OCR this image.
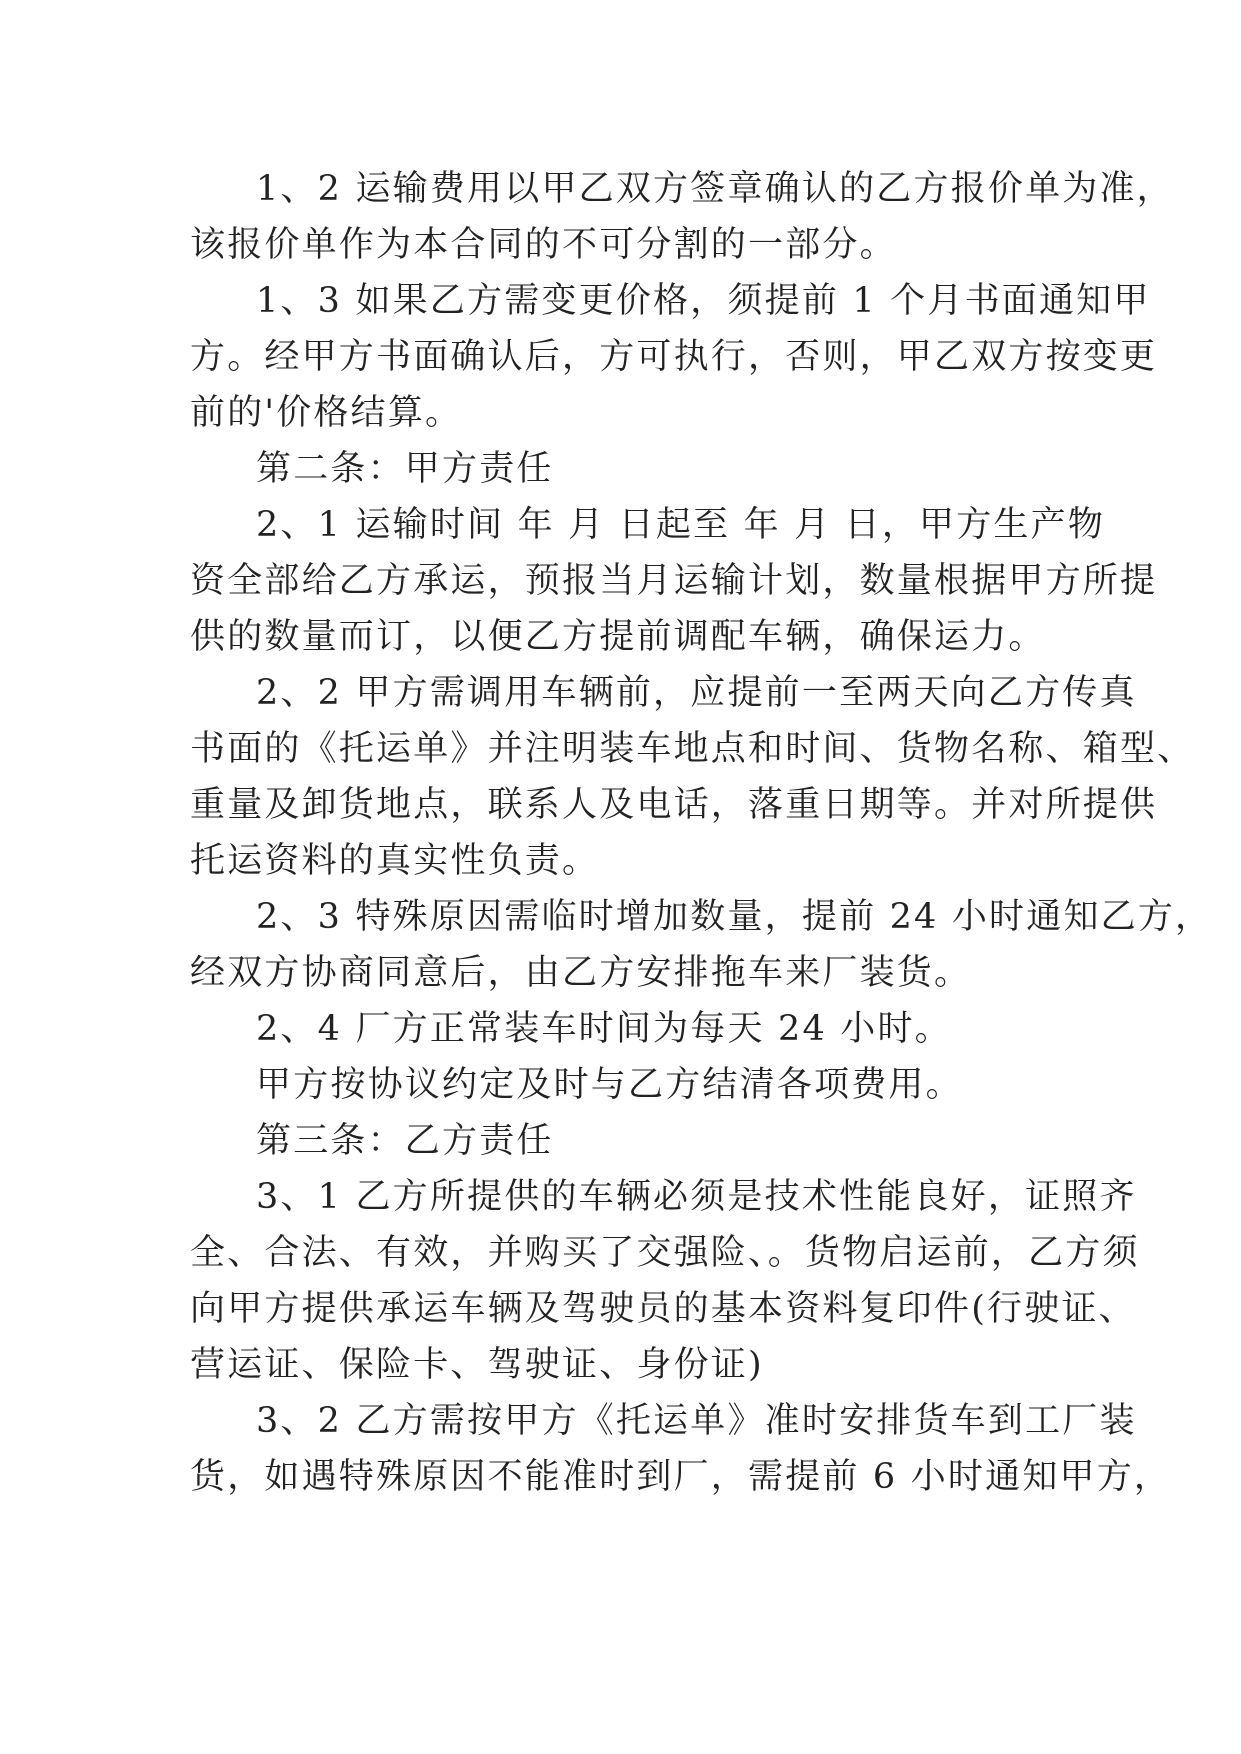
1、2 运输费用以甲乙双方签章确认的乙方报价单为准，
该报价单作为本合同的不可分割的一部分。
1、3 如果乙方需变更价格，须提前 1 个月书面通知甲
方。经甲方书面确认后，方可执行，否则，甲乙双方按变更
前的'价格结算。
第二条：甲方责任
2、1 运输时间 年 月 日起至 年 月 日，甲方生产物
资全部给乙方承运，预报当月运输计划，数量根据甲方所提
供的数量而订，以便乙方提前调配车辆，确保运力。
2、2 甲方需调用车辆前，应提前一至两天向乙方传真
书面的《托运单》并注明装车地点和时间、货物名称、箱型、
重量及卸货地点，联系人及电话，落重日期等。并对所提供
托运资料的真实性负责。
2、3 特殊原因需临时增加数量，提前 24 小时通知乙方，
经双方协商同意后，由乙方安排拖车来厂装货。
2、4 厂方正常装车时间为每天 24 小时。
甲方按协议约定及时与乙方结清各项费用。
第三条：乙方责任
3、1 乙方所提供的车辆必须是技术性能良好，证照齐
全、合法、有效，并购买了交强险、。货物启运前，乙方须
向甲方提供承运车辆及驾驶员的基本资料复印件(行驶证、
营运证、保险卡、驾驶证、身份证)
3、2 乙方需按甲方《托运单》准时安排货车到工厂装
货，如遇特殊原因不能准时到厂，需提前 6 小时通知甲方，
